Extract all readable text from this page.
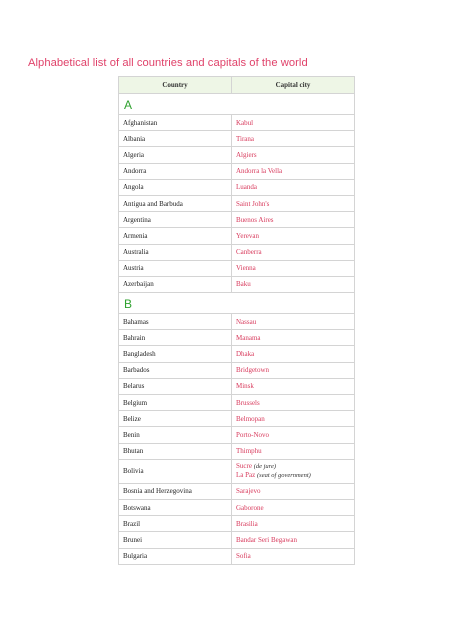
Alphabetical list of all countries and capitals of the world
Country	Capital city
A	
Afghanistan	Kabul
Albania	Tirana
Algeria	Algiers
Andorra	Andorra la Vella
Angola	Luanda
Antigua and Barbuda	Saint John's
Argentina	Buenos Aires
Armenia	Yerevan
Australia	Canberra
Austria	Vienna
Azerbaijan	Baku
B	
Bahamas	Nassau
Bahrain	Manama
Bangladesh	Dhaka
Barbados	Bridgetown
Belarus	Minsk
Belgium	Brussels
Belize	Belmopan
Benin	Porto-Novo
Bhutan	Thimphu
Bolivia	Sucre (de jure)
La Paz (seat of government)

Bosnia and Herzegovina	Sarajevo
Botswana	Gaborone
Brazil	Brasilia
Brunei	Bandar Seri Begawan
Bulgaria	Sofia
